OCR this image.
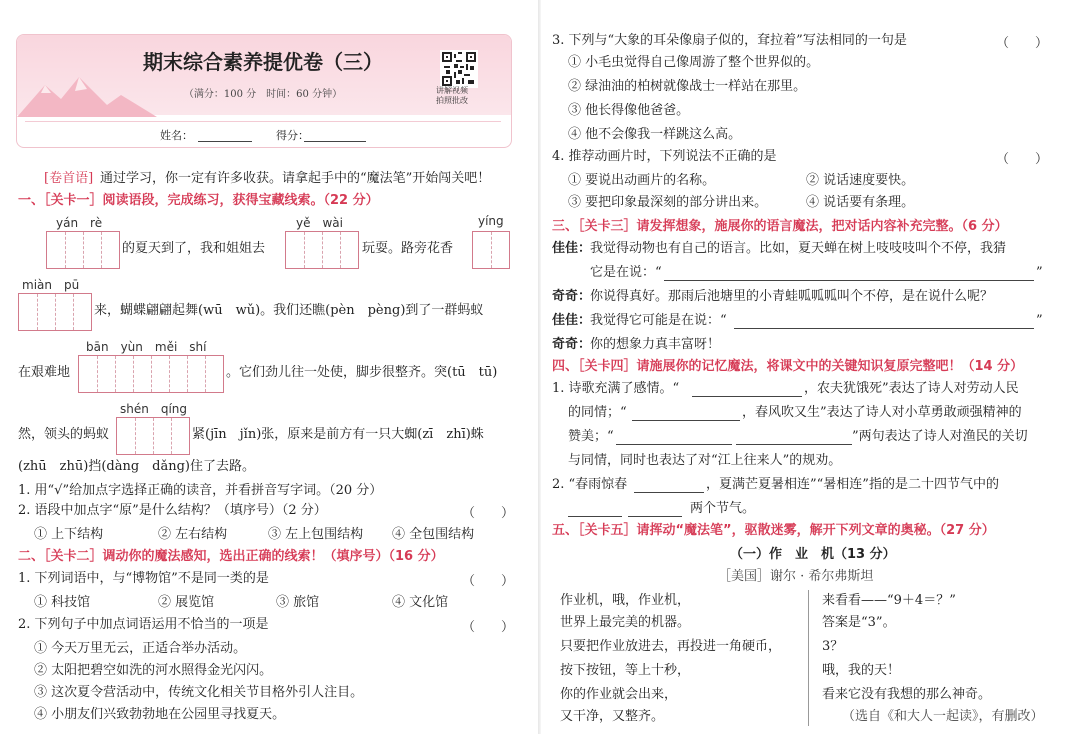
期末综合素养提优卷（三）
（满分：100 分　时间：60 分钟）	讲解视频
拍照批改
姓名：	得分：
[卷首语] 通过学习，你一定有许多收获。请拿起手中的“魔法笔”开始闯关吧！
一、［关卡一］阅读语段，完成练习，获得宝藏线索。（22 分）
yán　rè	yě　wài	yíng
的夏天到了，我和姐姐去	玩耍。路旁花香
miàn　pū
来，蝴蝶翩翩起舞(wū　wǔ)。我们还瞧(pèn　pèng)到了一群蚂蚁
bān　yùn　měi　shí
在艰难地	。它们劲儿往一处使，脚步很整齐。突(tū　tū)
shén　qíng
然，领头的蚂蚁	紧(jīn　jǐn)张，原来是前方有一只大蜘(zī　zhī)蛛
(zhū　zhū)挡(dàng　dǎng)住了去路。
1. 用“√”给加点字选择正确的读音，并看拼音写字词。（20 分）
2. 语段中加点字“原”是什么结构？（填序号）（2 分）	（　　）
① 上下结构	② 左右结构	③ 左上包围结构 ④ 全包围结构
二、［关卡二］调动你的魔法感知，选出正确的线索！（填序号）（16 分）
1. 下列词语中，与“博物馆”不是同一类的是	（　　）
① 科技馆	② 展览馆	③ 旅馆	④ 文化馆
2. 下列句子中加点词语运用不恰当的一项是	（　　）
① 今天万里无云，正适合举办活动。
② 太阳把碧空如洗的河水照得金光闪闪。
③ 这次夏令营活动中，传统文化相关节目格外引人注目。
④ 小朋友们兴致勃勃地在公园里寻找夏天。
3. 下列与“大象的耳朵像扇子似的，耷拉着”写法相同的一句是	（　　）
① 小毛虫觉得自己像周游了整个世界似的。
② 绿油油的柏树就像战士一样站在那里。
③ 他长得像他爸爸。
④ 他不会像我一样跳这么高。
4. 推荐动画片时，下列说法不正确的是	（　　）
① 要说出动画片的名称。	② 说话速度要快。
③ 要把印象最深刻的部分讲出来。	④ 说话要有条理。
三、［关卡三］请发挥想象，施展你的语言魔法，把对话内容补充完整。（6 分）
佳佳：
我觉得动物也有自己的语言。比如，夏天蝉在树上吱吱吱叫个不停，我猜
它是在说：“	”
奇奇：
你说得真好。那雨后池塘里的小青蛙呱呱呱叫个不停，是在说什么呢？
佳佳：
我觉得它可能是在说：“	”
奇奇：
你的想象力真丰富呀！
四、［关卡四］请施展你的记忆魔法，将课文中的关键知识复原完整吧！（14 分）
1. 诗歌充满了感情。“	，农夫犹饿死”表达了诗人对劳动人民
的同情；“	，春风吹又生”表达了诗人对小草勇敢顽强精神的
赞美；“	”两句表达了诗人对渔民的关切
与同情，同时也表达了对“江上往来人”的规劝。
2. “春雨惊春	，夏满芒夏暑相连”“暑相连”指的是二十四节气中的
两个节气。
五、［关卡五］请挥动“魔法笔”，驱散迷雾，解开下列文章的奥秘。（27 分）
（一）作　业　机（13 分）
［美国］谢尔 · 希尔弗斯坦
作业机，哦，作业机，
世界上最完美的机器。
只要把作业放进去，再投进一角硬币，
按下按钮，等上十秒，
你的作业就会出来，
又干净，又整齐。
来看看——“9＋4＝？”
答案是“3”。
3？
哦，我的天！
看来它没有我想的那么神奇。
（选自《和大人一起读》，有删改）
